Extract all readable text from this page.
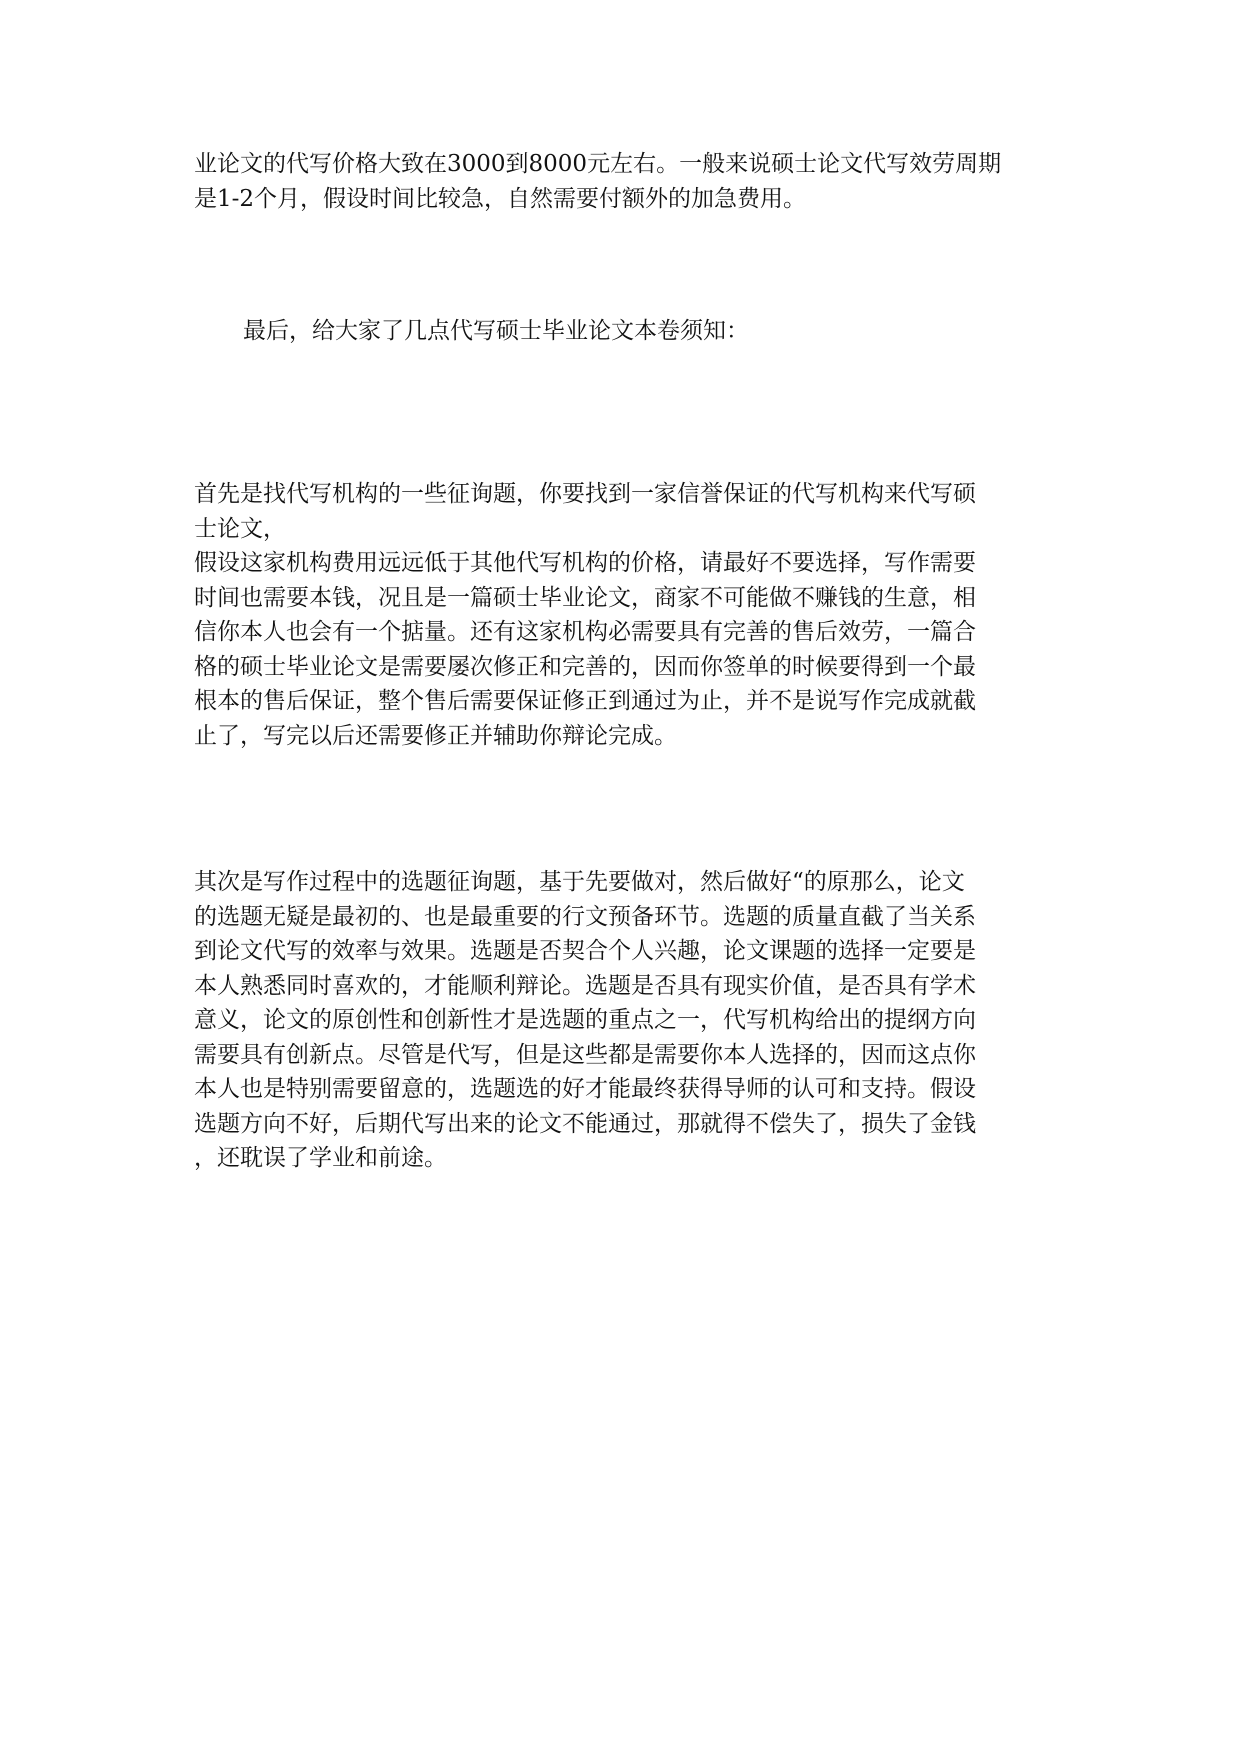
业论文的代写价格大致在3000到8000元左右。一般来说硕士论文代写效劳周期
是1-2个月，假设时间比较急，自然需要付额外的加急费用。
最后，给大家了几点代写硕士毕业论文本卷须知：
首先是找代写机构的一些征询题，你要找到一家信誉保证的代写机构来代写硕
士论文，
假设这家机构费用远远低于其他代写机构的价格，请最好不要选择，写作需要
时间也需要本钱，况且是一篇硕士毕业论文，商家不可能做不赚钱的生意，相
信你本人也会有一个掂量。还有这家机构必需要具有完善的售后效劳，一篇合
格的硕士毕业论文是需要屡次修正和完善的，因而你签单的时候要得到一个最
根本的售后保证，整个售后需要保证修正到通过为止，并不是说写作完成就截
止了，写完以后还需要修正并辅助你辩论完成。
其次是写作过程中的选题征询题，基于先要做对，然后做好“的原那么，论文
的选题无疑是最初的、也是最重要的行文预备环节。选题的质量直截了当关系
到论文代写的效率与效果。选题是否契合个人兴趣，论文课题的选择一定要是
本人熟悉同时喜欢的，才能顺利辩论。选题是否具有现实价值，是否具有学术
意义，论文的原创性和创新性才是选题的重点之一，代写机构给出的提纲方向
需要具有创新点。尽管是代写，但是这些都是需要你本人选择的，因而这点你
本人也是特别需要留意的，选题选的好才能最终获得导师的认可和支持。假设
选题方向不好，后期代写出来的论文不能通过，那就得不偿失了，损失了金钱
，还耽误了学业和前途。
